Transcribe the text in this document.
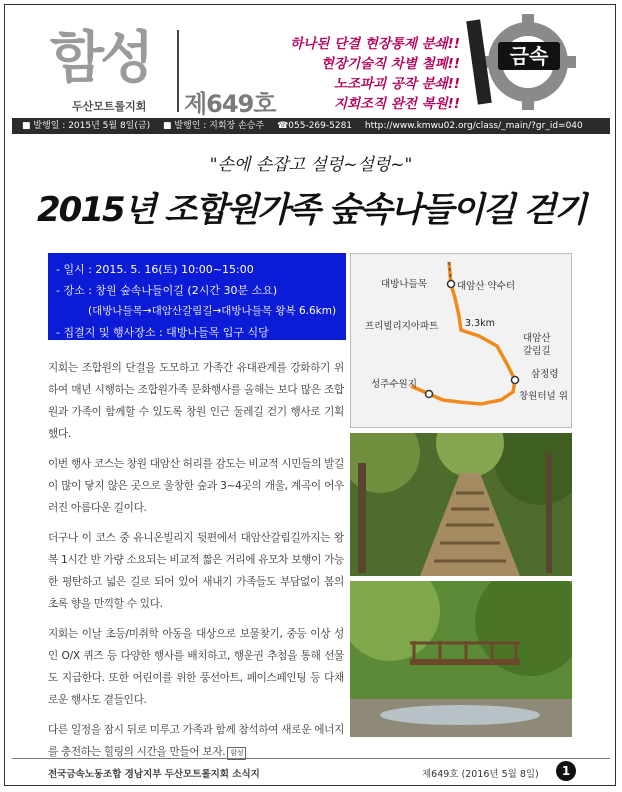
함성
두산모트롤지회 제649호
하나된 단결 현장통제 분쇄!!
현장기술직 차별 철폐!!
노조파괴 공작 분쇄!!
지회조직 완전 복원!!
금속
■ 발행일 : 2015년 5월 8일(금) ■ 발행인 : 지회장 손승주 ☎055-269-5281 http://www.kmwu02.org/class/_main/?gr_id=040
"손에 손잡고 설렁~설렁~"
2015년 조합원가족 숲속나들이길 걷기
- 일시 : 2015. 5. 16(토) 10:00~15:00
- 장소 : 창원 숲속나들이길 (2시간 30분 소요)
(대방나들목→대암산갈림길→대방나들목 왕복 6.6km)
- 집결지 및 행사장소 : 대방나들목 입구 식당
대방나들목	대암산 약수터
3.3km
프리빌리지아파트
대암산
갈림길
삼정령
성주수원지
창원터널 위

지회는 조합원의 단결을 도모하고 가족간 유대관계를 강화하기 위하여 매년 시행하는 조합원가족 문화행사를 올해는 보다 많은 조합원과 가족이 함께할 수 있도록 창원 인근 둘레길 걷기 행사로 기획했다.

이번 행사 코스는 창원 대암산 허리를 감도는 비교적 시민들의 발길이 많이 닿지 않은 곳으로 울창한 숲과 3~4곳의 개울, 계곡이 어우러진 아름다운 길이다.

더구나 이 코스 중 유니온빌리지 뒷편에서 대암산갈림길까지는 왕복 1시간 반 가량 소요되는 비교적 짧은 거리에 유모차 보행이 가능한 평탄하고 넓은 길로 되어 있어 새내기 가족들도 부담없이 봄의 초록 향을 만끽할 수 있다.

지회는 이날 초등/미취학 아동을 대상으로 보물찾기, 중등 이상 성인 O/X 퀴즈 등 다양한 행사를 배치하고, 행운권 추첨을 통해 선물도 지급한다. 또한 어린이를 위한 풍선아트, 페이스페인팅 등 다채로운 행사도 곁들인다.

다른 일정을 잠시 뒤로 미루고 가족과 함께 참석하여 새로운 에너지를 충전하는 힐링의 시간을 만들어 보자. 함성

전국금속노동조합 경남지부 두산모트롤지회 소식지	제649호 (2016년 5월 8일)	1
